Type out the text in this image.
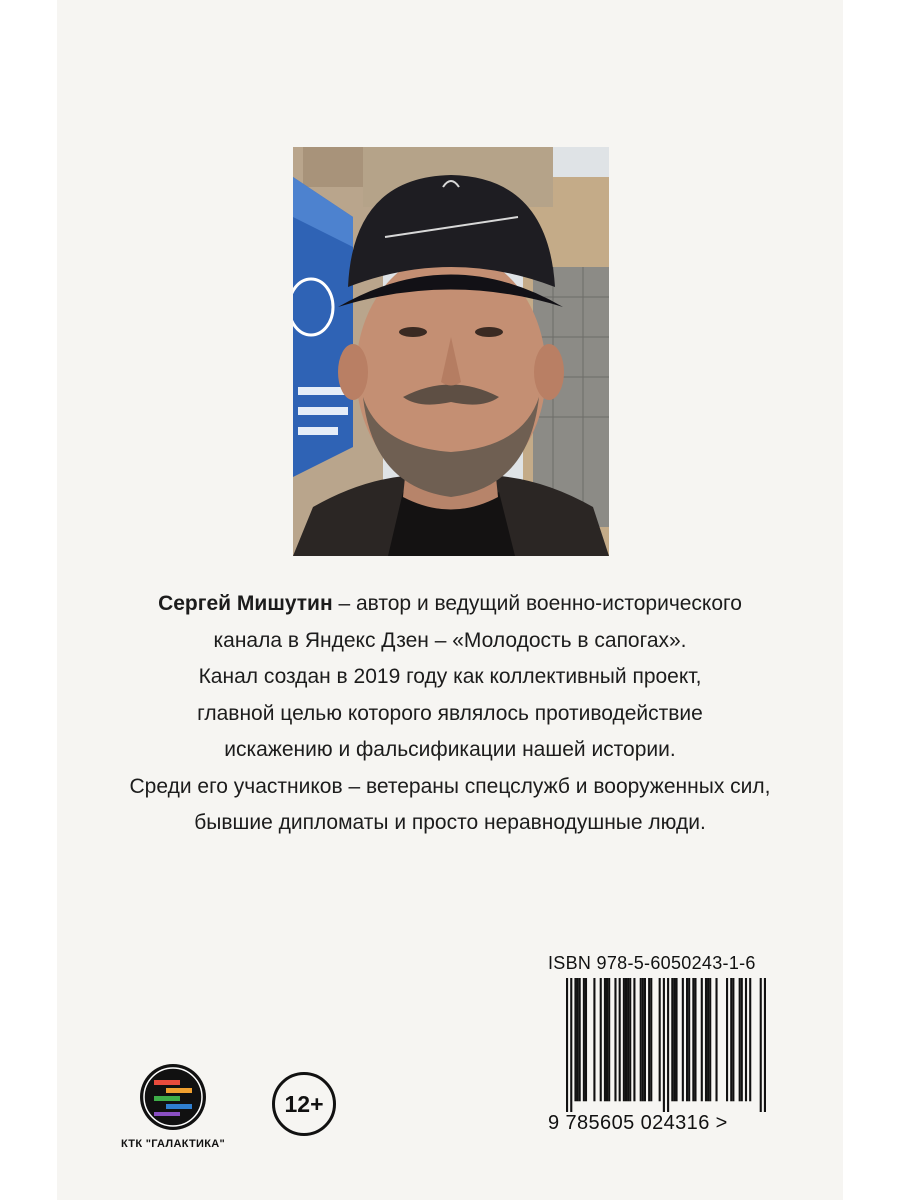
Сергей Мишутин – автор и ведущий военно-исторического

канала в Яндекс Дзен – «Молодость в сапогах».

Канал создан в 2019 году как коллективный проект,

главной целью которого являлось противодействие

искажению и фальсификации нашей истории.

Среди его участников – ветераны спецслужб и вооруженных сил,

бывшие дипломаты и просто неравнодушные люди.

ISBN 978-5-6050243-1-6
9 785605 024316 >
КТК "ГАЛАКТИКА"
12+
